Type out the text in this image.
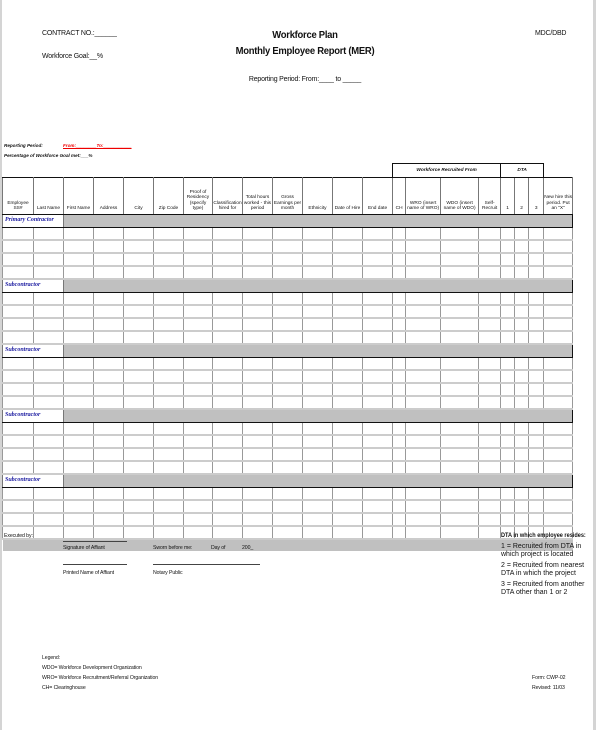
CONTRACT NO.:______
Workforce Goal:__%
Workforce Plan
Monthly Employee Report (MER)
Reporting Period: From:____ to _____
MDC/DBD
Reporting Period:	From:________To:___________
Percentage of Workforce Goal met:___%
													Workforce Recruited From				DTA			
Employee SS#	Last Name	First Name	Address	City	Zip Code	Proof of Residency (specify type)	Classification hired for	Total hours worked - this period	Gross Earnings per month	Ethnicity	Date of Hire	End date	CH	WRO (insert name of WRO)	WDO (insert name of WDO)	Self-Recruit	1	2	3	New hire this period. Put an "X"
Primary Contractor																				

Subcontractor																				

Subcontractor																				

Subcontractor																				

Subcontractor																				

Executed by:
Signature of Affiant	Sworn before me:	Day of	200_
Printed Name of Affiant	Notary Public
DTA in which employee resides:
1 = Recruited from DTA in which project is located
2 = Recruited from nearest DTA in which the project
3 = Recruited from another DTA other than 1 or 2
Legend:
WDO= Workforce Development Organization
WRO= Workforce Recruitment/Referral Organization
CH= Clearinghouse
Form: CWP-02
Revised: 11/03
